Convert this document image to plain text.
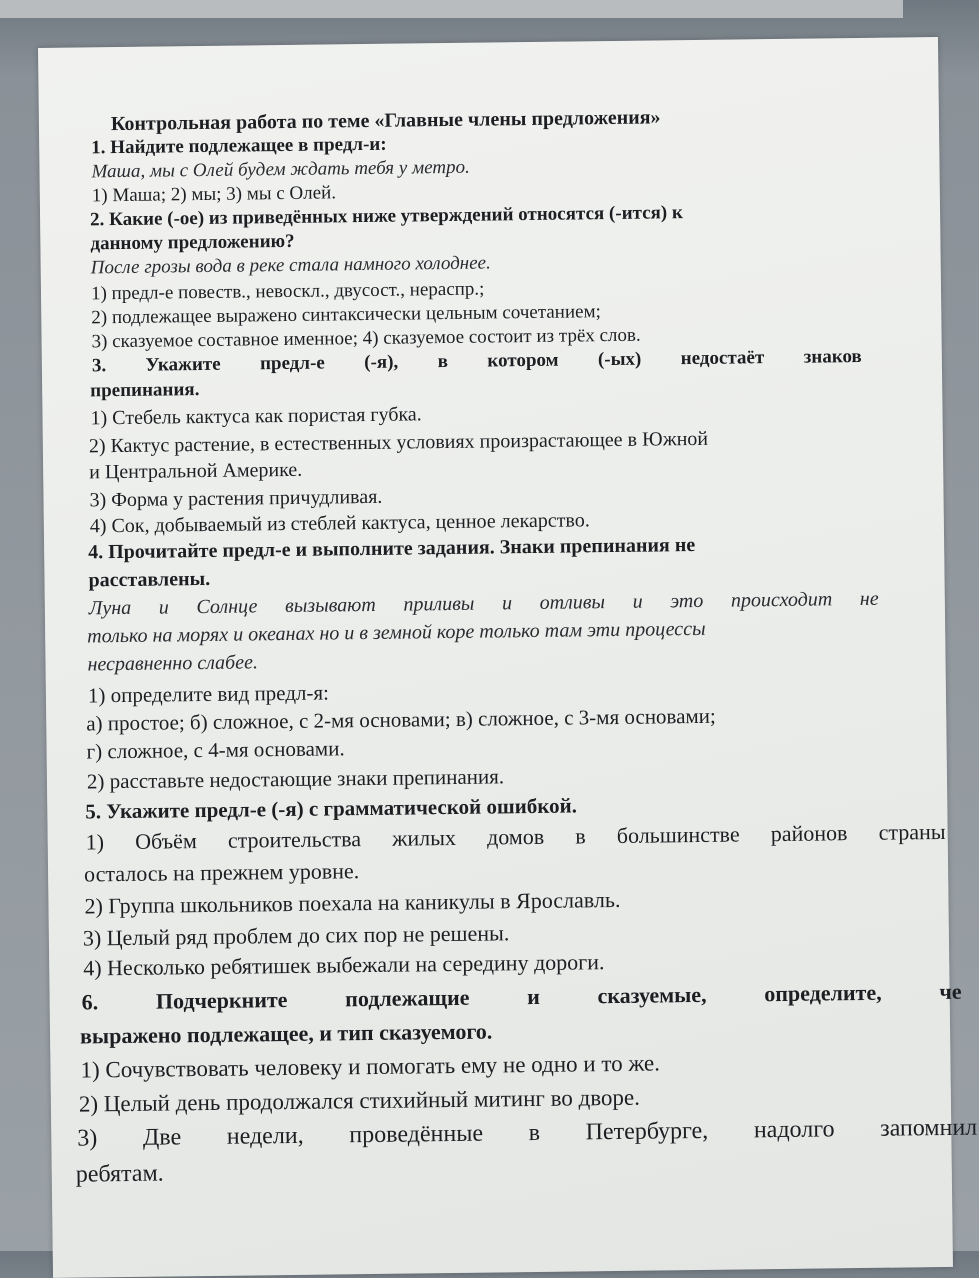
Контрольная работа по теме «Главные члены предложения»
1. Найдите подлежащее в предл-и:
Маша, мы с Олей будем ждать тебя у метро.
1) Маша; 2) мы; 3) мы с Олей.
2. Какие (-ое) из приведённых ниже утверждений относятся (-ится) к
данному предложению?
После грозы вода в реке стала намного холоднее.
1) предл-е повеств., невоскл., двусост., нераспр.;
2) подлежащее выражено синтаксически цельным сочетанием;
3) сказуемое составное именное; 4) сказуемое состоит из трёх слов.
3. Укажите предл-е (-я), в котором (-ых) недостаёт знаков
препинания.
1) Стебель кактуса как пористая губка.
2) Кактус растение, в естественных условиях произрастающее в Южной
и Центральной Америке.
3) Форма у растения причудливая.
4) Сок, добываемый из стеблей кактуса, ценное лекарство.
4. Прочитайте предл-е и выполните задания. Знаки препинания не
расставлены.
Луна и Солнце вызывают приливы и отливы и это происходит не
только на морях и океанах но и в земной коре только там эти процессы
несравненно слабее.
1) определите вид предл-я:
а) простое; б) сложное, с 2-мя основами; в) сложное, с 3-мя основами;
г) сложное, с 4-мя основами.
2) расставьте недостающие знаки препинания.
5. Укажите предл-е (-я) с грамматической ошибкой.
1) Объём строительства жилых домов в большинстве районов страны
осталось на прежнем уровне.
2) Группа школьников поехала на каникулы в Ярославль.
3) Целый ряд проблем до сих пор не решены.
4) Несколько ребятишек выбежали на середину дороги.
6.	Подчеркните	подлежащие	и	сказуемые,	определите,	че
выражено подлежащее, и тип сказуемого.
1) Сочувствовать человеку и помогать ему не одно и то же.
2) Целый день продолжался стихийный митинг во дворе.
3) Две недели, проведённые в Петербурге, надолго запомнил
ребятам.
